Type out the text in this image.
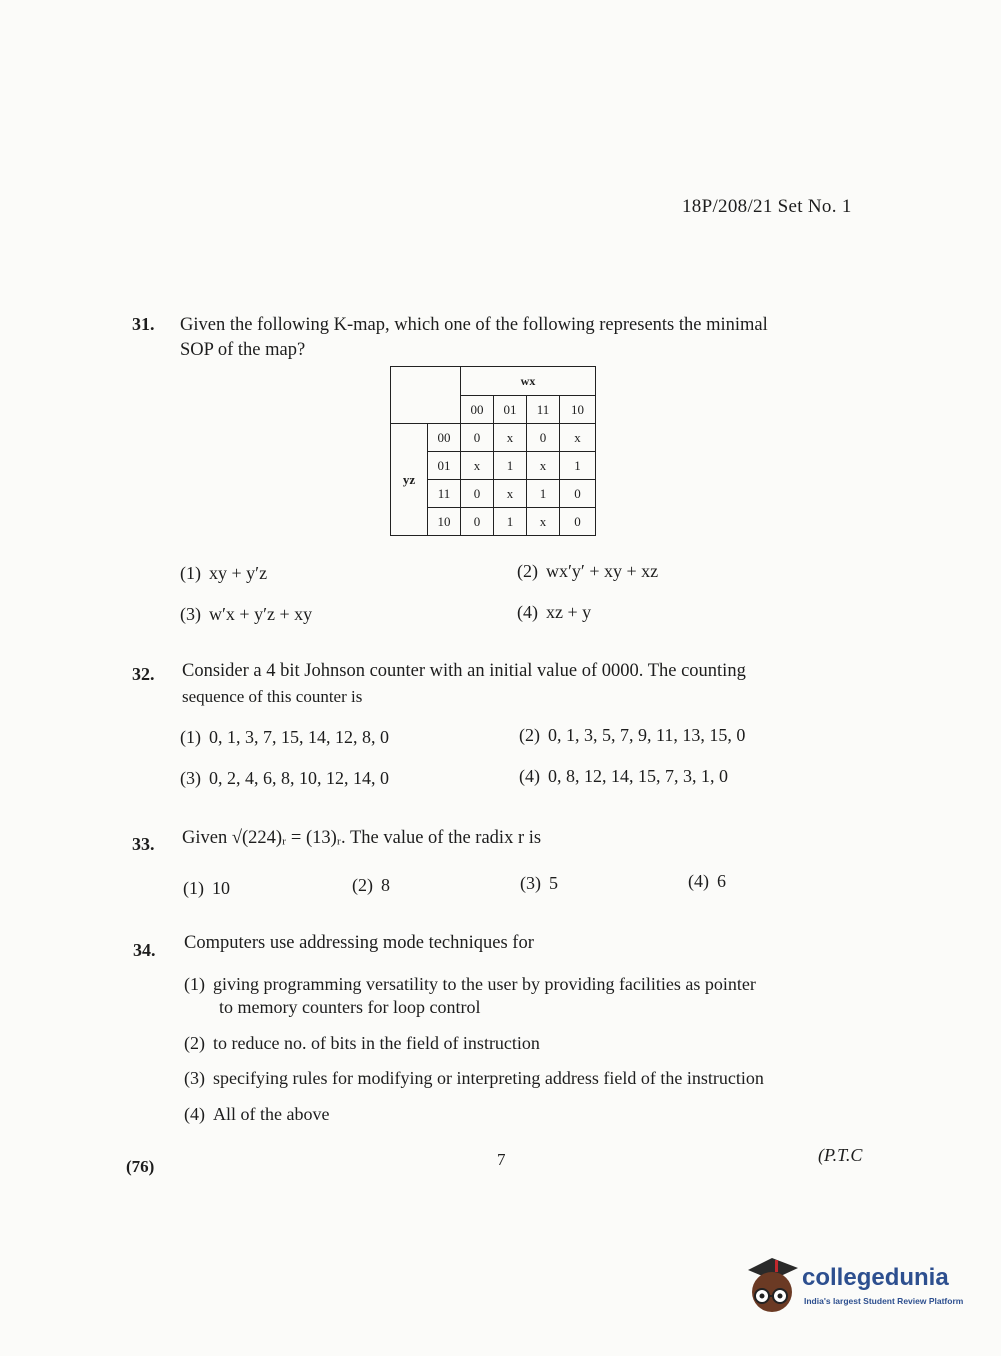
18P/208/21 Set No. 1
31. Given the following K-map, which one of the following represents the minimal
SOP of the map?
		wx			
		00	01	11	10
yz	00	0	x	0	x
	01	x	1	x	1
	11	0	x	1	0
	10	0	1	x	0
(1) xy + y′z	(2) wx′y′ + xy + xz
(3) w′x + y′z + xy	(4) xz + y
32. Consider a 4 bit Johnson counter with an initial value of 0000. The counting
sequence of this counter is
(1) 0, 1, 3, 7, 15, 14, 12, 8, 0	(2) 0, 1, 3, 5, 7, 9, 11, 13, 15, 0
(3) 0, 2, 4, 6, 8, 10, 12, 14, 0	(4) 0, 8, 12, 14, 15, 7, 3, 1, 0
33. Given √(224)ᵣ = (13)ᵣ. The value of the radix r is
(1) 10	(2) 8	(3) 5	(4) 6
34. Computers use addressing mode techniques for
(1) giving programming versatility to the user by providing facilities as pointer
to memory counters for loop control
(2) to reduce no. of bits in the field of instruction
(3) specifying rules for modifying or interpreting address field of the instruction
(4) All of the above
(76)	7	(P.T.C
collegedunia
India's largest Student Review Platform
